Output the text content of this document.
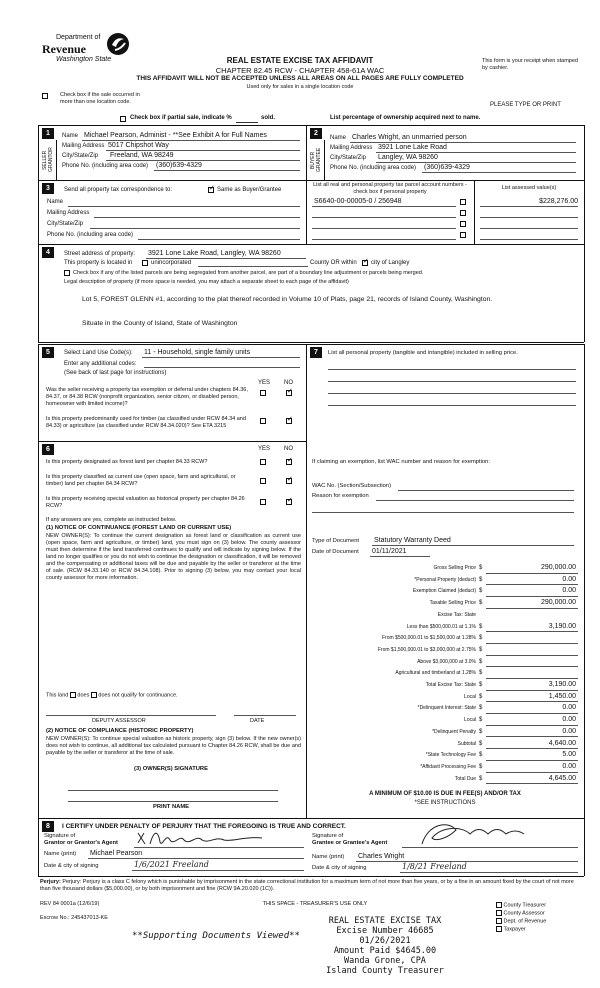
Department of
Revenue
Washington State	REAL ESTATE EXCISE TAX AFFIDAVIT
CHAPTER 82.45 RCW - CHAPTER 458-61A WAC
This form is your receipt when stamped by cashier.
THIS AFFIDAVIT WILL NOT BE ACCEPTED UNLESS ALL AREAS ON ALL PAGES ARE FULLY COMPLETED
Used only for sales in a single location code
Check box if the sale occurred in more than one location code.	PLEASE TYPE OR PRINT
Check box if partial sale, indicate %	sold.	List percentage of ownership acquired next to name.
1
SELLER GRANTOR
Name Michael Pearson, Administ - **See Exhibit A for Full Names
Mailing Address 5017 Chipshot Way
City/State/Zip Freeland, WA 98249
Phone No. (including area code) (360)639-4329
2
BUYER GRANTEE
Name Charles Wright, an unmarried person
Mailing Address 3921 Lone Lake Road
City/State/Zip Langley, WA 98260
Phone No. (including area code) (360)639-4329
3	Send all property tax correspondence to: ✓	Same as Buyer/Grantee
Name
Mailing Address
City/State/Zip
Phone No. (including area code)
List all real and personal property tax parcel account numbers - check box if personal property
S6640-00-00005-0 / 256948
List assessed value(s)
$228,276.00
4	Street address of property: 3921 Lone Lake Road, Langley, WA 98260
This property is located in	unincorporated	County OR within ✓ city of Langley
Check box if any of the listed parcels are being segregated from another parcel, are part of a boundary line adjustment or parcels being merged.
Legal description of property (if more space is needed, you may attach a separate sheet to each page of the affidavit)
Lot 5, FOREST GLENN #1, according to the plat thereof recorded in Volume 10 of Plats, page 21, records of Island County, Washington.
Situate in the County of Island, State of Washington
5	Select Land Use Code(s): 11 - Household, single family units
Enter any additional codes:
(See back of last page for instructions)
YES NO
Was the seller receiving a property tax exemption or deferral under chapters 84.36, 84.37, or 84.38 RCW (nonprofit organization, senior citizen, or disabled person, homeowner with limited income)?
✓
Is this property predominantly used for timber (as classified under RCW 84.34 and 84.33) or agriculture (as classified under RCW 84.34.020)? See ETA 3215
✓
6	YES NO
Is this property designated as forest land per chapter 84.33 RCW?
✓
Is this property classified as current use (open space, farm and agricultural, or timber) land per chapter 84.34 RCW?
✓
Is this property receiving special valuation as historical property per chapter 84.26 RCW?
✓
If any answers are yes, complete as instructed below.
(1) NOTICE OF CONTINUANCE (FOREST LAND OR CURRENT USE)
NEW OWNER(S): To continue the current designation as forest land or classification as current use (open space, farm and agriculture, or timber) land, you must sign on (3) below. The county assessor must then determine if the land transferred continues to qualify and will indicate by signing below. If the land no longer qualifies or you do not wish to continue the designation or classification, it will be removed and the compensating or additional taxes will be due and payable by the seller or transferor at the time of sale. (RCW 84.33.140 or RCW 84.34.108). Prior to signing (3) below, you may contact your local county assessor for more information.
This land does does not qualify for continuance.
DEPUTY ASSESSOR	DATE
(2) NOTICE OF COMPLIANCE (HISTORIC PROPERTY)
NEW OWNER(S): To continue special valuation as historic property, sign (3) below. If the new owner(s) does not wish to continue, all additional tax calculated pursuant to Chapter 84.26 RCW, shall be due and payable by the seller or transferor at the time of sale.
(3) OWNER(S) SIGNATURE
PRINT NAME
7	List all personal property (tangible and intangible) included in selling price.
If claiming an exemption, list WAC number and reason for exemption:
WAC No. (Section/Subsection)
Reason for exemption
Type of Document Statutory Warranty Deed
Date of Document 01/11/2021
Gross Selling Price $	290,000.00
*Personal Property (deduct) $	0.00
Exemption Claimed (deduct) $	0.00
Taxable Selling Price $	290,000.00
Excise Tax: State
Less than $500,000.01 at 1.1% $	3,190.00
From $500,000.01 to $1,500,000 at 1.28% $
From $1,500,000.01 to $3,000,000 at 2.75% $
Above $3,000,000 at 3.0% $
Agricultural and timberland at 1.28% $
Total Excise Tax: State $	3,190.00
Local $	1,450.00
*Delinquent Interest: State $	0.00
Local $	0.00
*Delinquent Penalty $	0.00
Subtotal $	4,640.00
*State Technology Fee $	5.00
*Affidavit Processing Fee $	0.00
Total Due $	4,645.00
A MINIMUM OF $10.00 IS DUE IN FEE(S) AND/OR TAX
*SEE INSTRUCTIONS
8	I CERTIFY UNDER PENALTY OF PERJURY THAT THE FOREGOING IS TRUE AND CORRECT.
Signature of
Grantor or Grantor's Agent
Name (print) Michael Pearson
Date & city of signing	1/6/2021 Freeland
Signature of
Grantee or Grantee's Agent
Name (print) Charles Wright
Date & city of signing	1/8/21 Freeland
Perjury: Perjury: Perjury is a class C felony which is punishable by imprisonment in the state correctional institution for a maximum term of not more than five years, or by a fine in an amount fixed by the court of not more than five thousand dollars ($5,000.00), or by both imprisonment and fine (RCW 9A.20.020 (1C)).
REV 84 0001a (12/6/19)	THIS SPACE - TREASURER'S USE ONLY
Escrow No.: 245437013-KE
County Treasurer
County Assessor
Dept. of Revenue
Taxpayer
**Supporting Documents Viewed**
REAL ESTATE EXCISE TAX
Excise Number 46685
01/26/2021
Amount Paid $4645.00
Wanda Grone, CPA
Island County Treasurer
